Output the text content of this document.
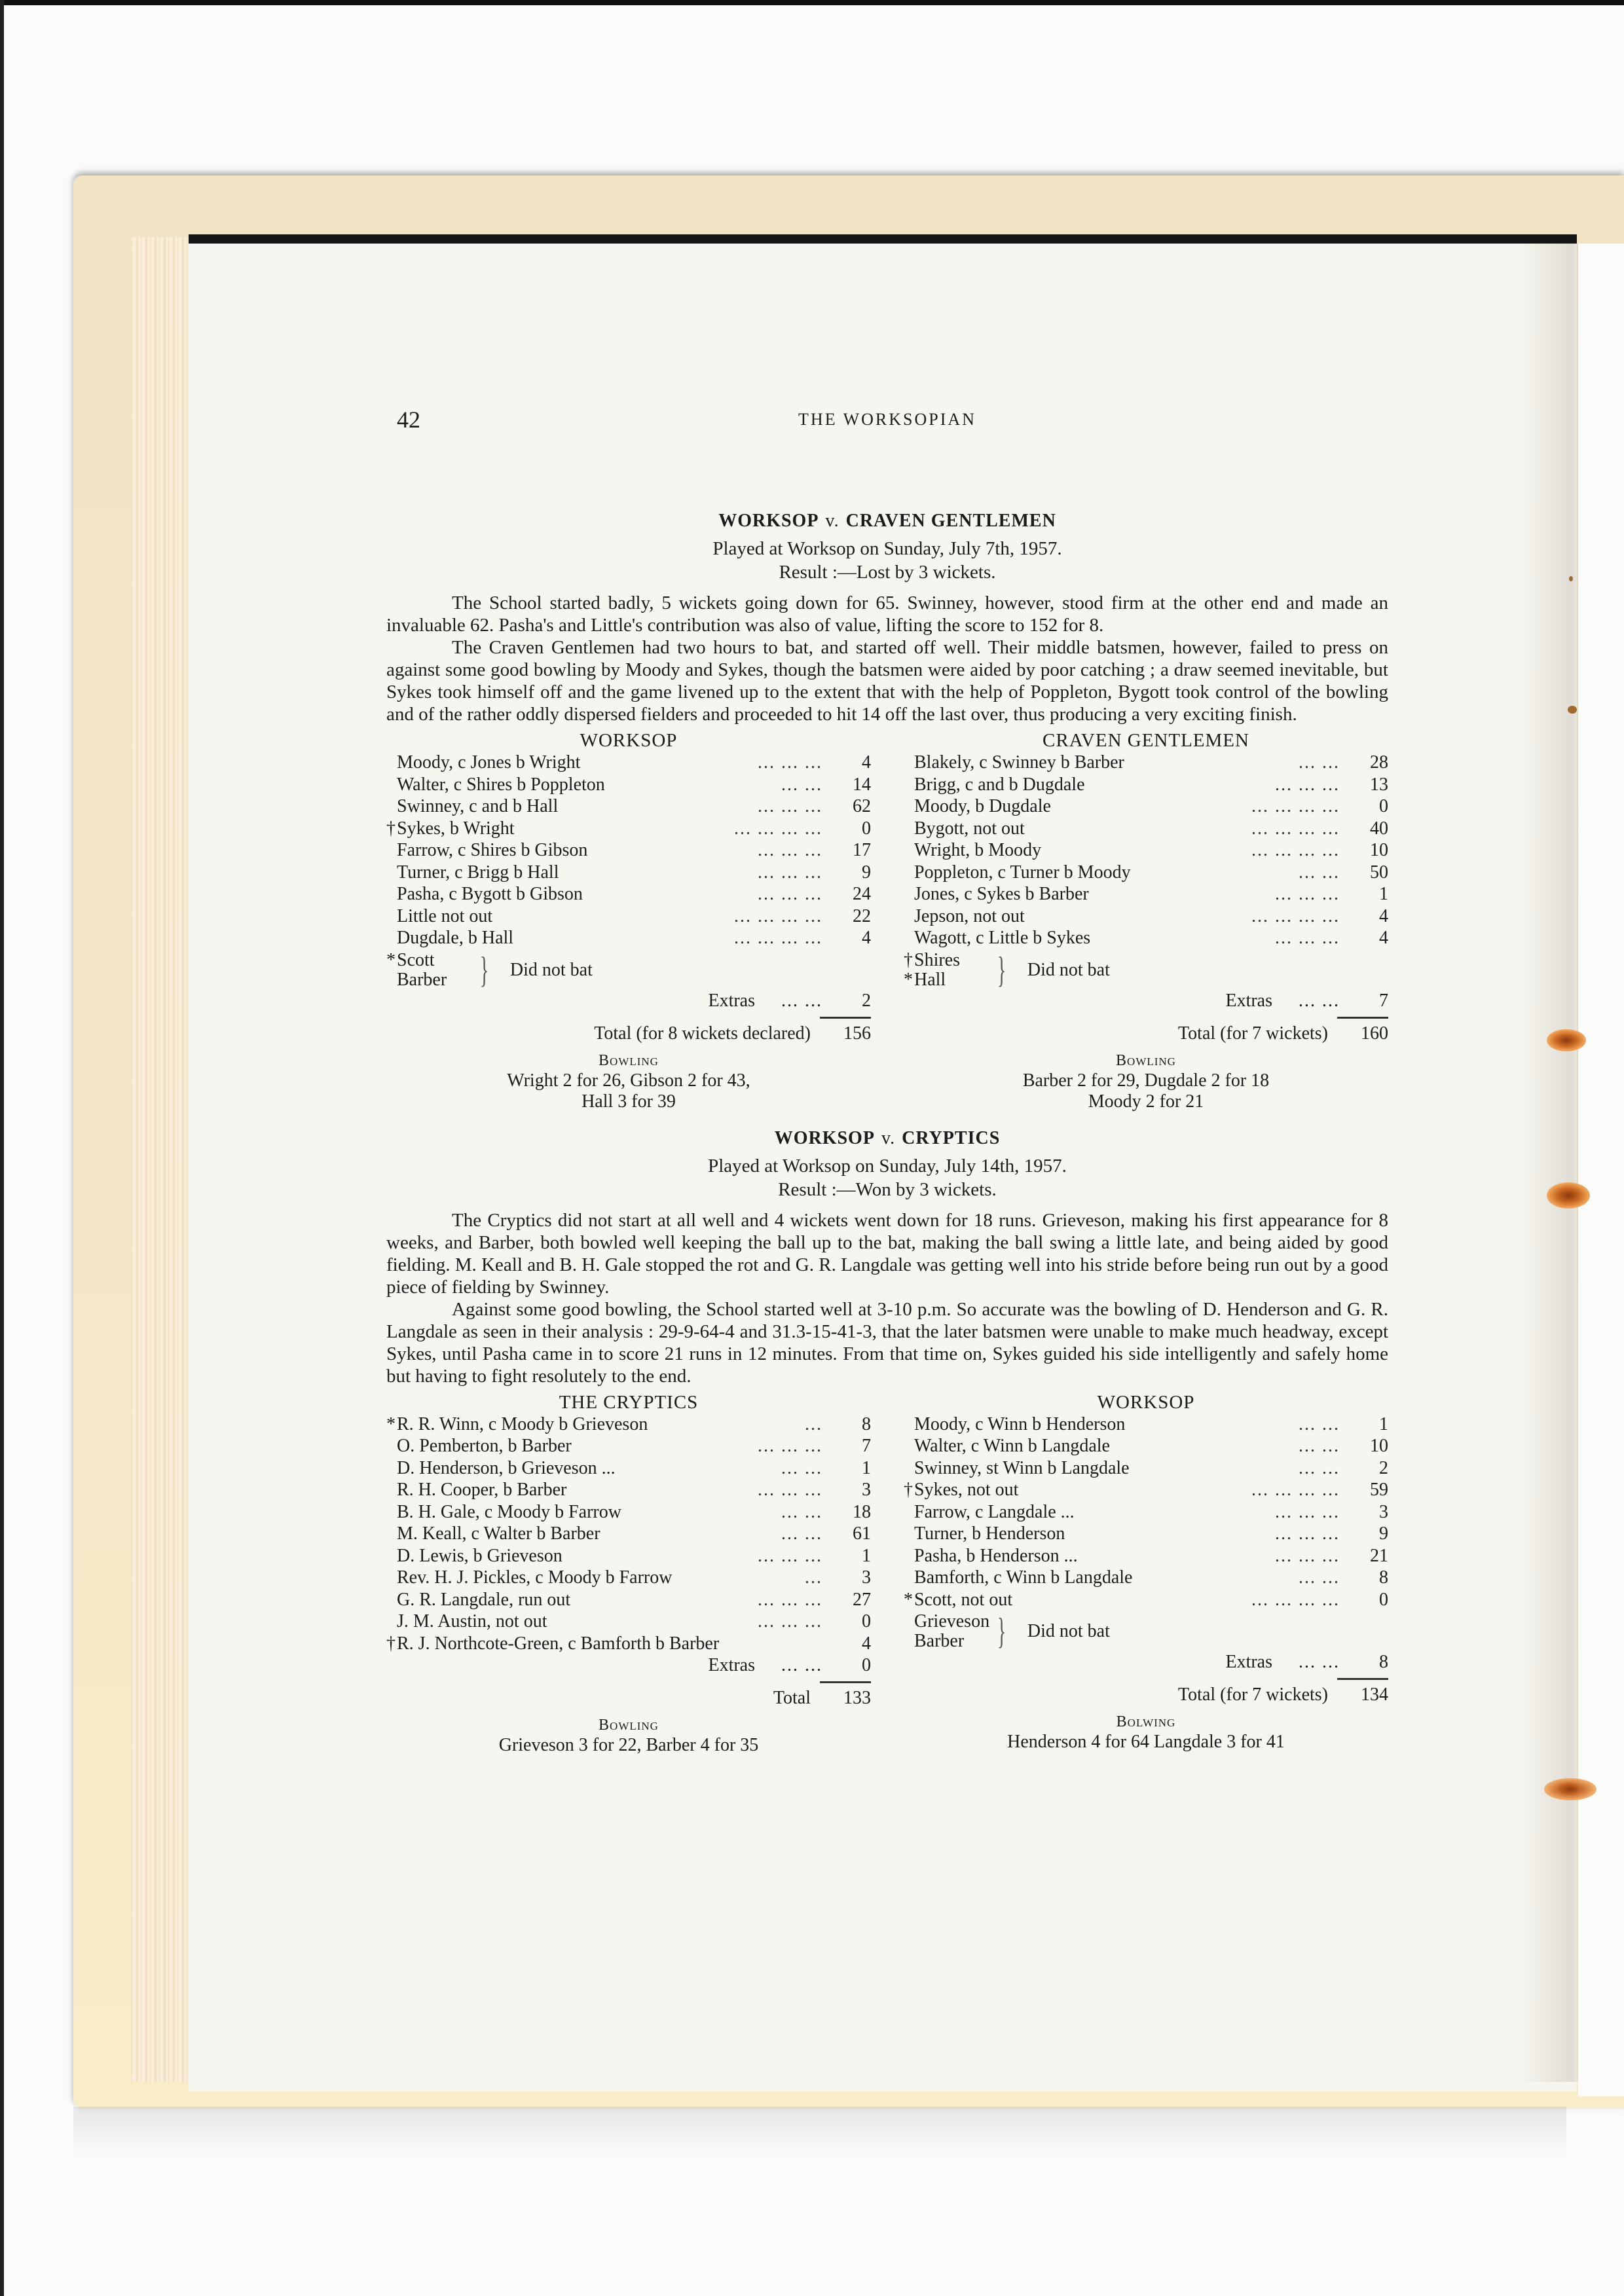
42	THE WORKSOPIAN
WORKSOP v. CRAVEN GENTLEMEN
Played at Worksop on Sunday, July 7th, 1957.
Result :—Lost by 3 wickets.

The School started badly, 5 wickets going down for 65. Swinney, however, stood firm at the other end and made an invaluable 62. Pasha's and Little's contribution was also of value, lifting the score to 152 for 8.

The Craven Gentlemen had two hours to bat, and started off well. Their middle batsmen, however, failed to press on against some good bowling by Moody and Sykes, though the batsmen were aided by poor catching ; a draw seemed inevitable, but Sykes took himself off and the game livened up to the extent that with the help of Poppleton, Bygott took control of the bowling and of the rather oddly dispersed fielders and proceeded to hit 14 off the last over, thus producing a very exciting finish.

WORKSOP
Moody, c Jones b Wright	... ... ...	4
Walter, c Shires b Poppleton	... ...	14
Swinney, c and b Hall	... ... ...	62
† Sykes, b Wright	... ... ... ...	0
Farrow, c Shires b Gibson	... ... ...	17
Turner, c Brigg b Hall	... ... ...	9
Pasha, c Bygott b Gibson	... ... ...	24
Little not out	... ... ... ...	22
Dugdale, b Hall	... ... ... ...	4
* Scott
Barber } Did not bat
Extras ... ...	2
Total (for 8 wickets declared)	156
Bowling
Wright 2 for 26, Gibson 2 for 43,
Hall 3 for 39
CRAVEN GENTLEMEN
Blakely, c Swinney b Barber	... ...	28
Brigg, c and b Dugdale	... ... ...	13
Moody, b Dugdale	... ... ... ...	0
Bygott, not out	... ... ... ...	40
Wright, b Moody	... ... ... ...	10
Poppleton, c Turner b Moody	... ...	50
Jones, c Sykes b Barber	... ... ...	1
Jepson, not out	... ... ... ...	4
Wagott, c Little b Sykes	... ... ...	4
† Shires
* Hall	} Did not bat
Extras ... ...	7
Total (for 7 wickets)	160
Bowling
Barber 2 for 29, Dugdale 2 for 18
Moody 2 for 21
WORKSOP v. CRYPTICS
Played at Worksop on Sunday, July 14th, 1957.
Result :—Won by 3 wickets.

The Cryptics did not start at all well and 4 wickets went down for 18 runs. Grieveson, making his first appearance for 8 weeks, and Barber, both bowled well keeping the ball up to the bat, making the ball swing a little late, and being aided by good fielding. M. Keall and B. H. Gale stopped the rot and G. R. Langdale was getting well into his stride before being run out by a good piece of fielding by Swinney.

Against some good bowling, the School started well at 3-10 p.m. So accurate was the bowling of D. Henderson and G. R. Langdale as seen in their analysis : 29-9-64-4 and 31.3-15-41-3, that the later batsmen were unable to make much headway, except Sykes, until Pasha came in to score 21 runs in 12 minutes. From that time on, Sykes guided his side intelligently and safely home but having to fight resolutely to the end.

THE CRYPTICS
* R. R. Winn, c Moody b Grieveson	...	8
O. Pemberton, b Barber	... ... ...	7
D. Henderson, b Grieveson ...	... ...	1
R. H. Cooper, b Barber	... ... ...	3
B. H. Gale, c Moody b Farrow	... ...	18
M. Keall, c Walter b Barber	... ...	61
D. Lewis, b Grieveson	... ... ...	1
Rev. H. J. Pickles, c Moody b Farrow	...	3
G. R. Langdale, run out	... ... ...	27
J. M. Austin, not out	... ... ...	0
† R. J. Northcote-Green, c Bamforth b Barber	4
Extras ... ...	0
Total	133
Bowling
Grieveson 3 for 22, Barber 4 for 35
WORKSOP
Moody, c Winn b Henderson	... ...	1
Walter, c Winn b Langdale	... ...	10
Swinney, st Winn b Langdale	... ...	2
† Sykes, not out	... ... ... ...	59
Farrow, c Langdale ...	... ... ...	3
Turner, b Henderson	... ... ...	9
Pasha, b Henderson ...	... ... ...	21
Bamforth, c Winn b Langdale	... ...	8
* Scott, not out	... ... ... ...	0
Grieveson
Barber } Did not bat
Extras ... ...	8
Total (for 7 wickets)	134
Bolwing
Henderson 4 for 64 Langdale 3 for 41
